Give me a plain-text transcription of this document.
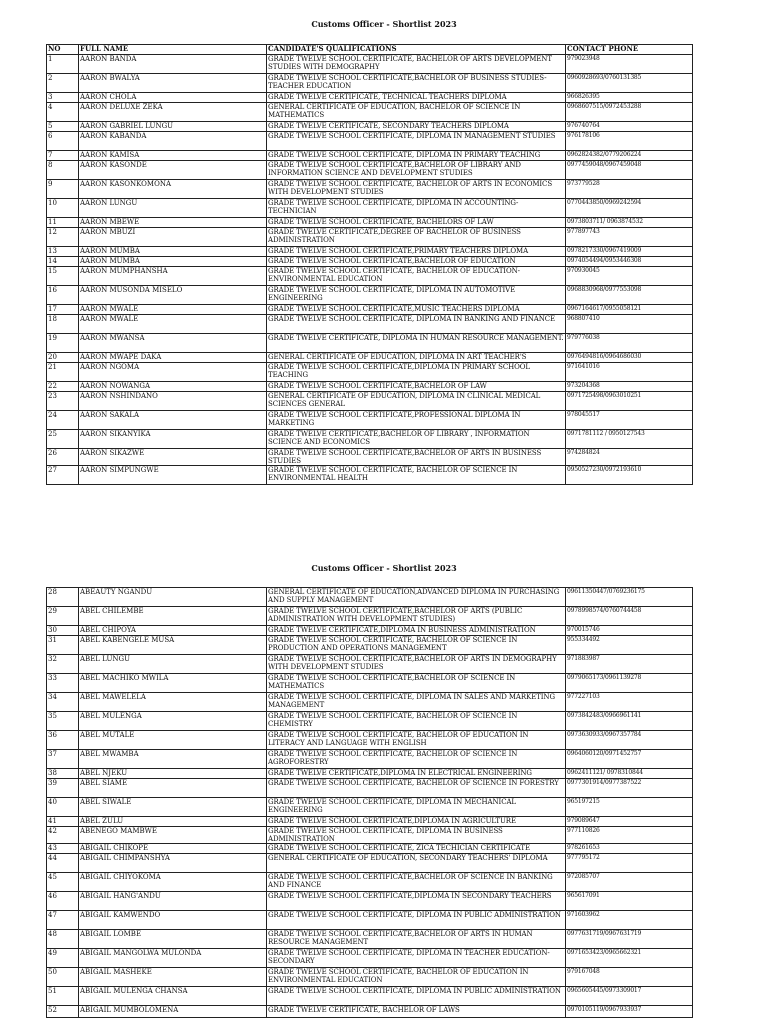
Customs Officer - Shortlist 2023
NO	FULL NAME	CANDIDATE'S QUALIFICATIONS	CONTACT PHONE
1	AARON BANDA	GRADE TWELVE SCHOOL CERTIFICATE, BACHELOR OF ARTS DEVELOPMENT STUDIES WITH DEMOGRAPHY	979023948
2	AARON BWALYA	GRADE TWELVE SCHOOL CERTIFICATE,BACHELOR OF BUSINESS STUDIES-TEACHER EDUCATION	0960928693/0760131385
3	AARON CHOLA	GRADE TWELVE CERTIFICATE, TECHNICAL TEACHERS DIPLOMA	966826395
4	AARON DELUXE ZEKA	GENERAL CERTIFICATE OF EDUCATION, BACHELOR OF SCIENCE IN MATHEMATICS	0968607515/0972453288
5	AARON GABRIEL LUNGU	GRADE TWELVE CERTIFICATE, SECONDARY TEACHERS DIPLOMA	976740764
6	AARON KABANDA	GRADE TWELVE SCHOOL CERTIFICATE, DIPLOMA IN MANAGEMENT STUDIES	976178106
7	AARON KAMISA	GRADE TWELVE SCHOOL CERTIFICATE, DIPLOMA IN PRIMARY TEACHING	0962824382/0779206224
8	AARON KASONDE	GRADE TWELVE SCHOOL CERTIFICATE,BACHELOR OF LIBRARY AND INFORMATION SCIENCE AND DEVELOPMENT STUDIES	0977459048/0967459048
9	AARON KASONKOMONA	GRADE TWELVE SCHOOL CERTIFICATE, BACHELOR OF ARTS IN ECONOMICS WITH DEVELOPMENT STUDIES	973779528
10	AARON LUNGU	GRADE TWELVE SCHOOL CERTIFICATE, DIPLOMA IN ACCOUNTING-TECHNICIAN	0770443850/0969242594
11	AARON MBEWE	GRADE TWELVE SCHOOL CERTIFICATE, BACHELORS OF LAW	0973803711/ 0963874532
12	AARON MBUZI	GRADE TWELVE CERTIFICATE,DEGREE OF BACHELOR OF BUSINESS ADMINISTRATION	977897743
13	AARON MUMBA	GRADE TWELVE SCHOOL CERTIFICATE,PRIMARY TEACHERS DIPLOMA	0978217330/0967419009
14	AARON MUMBA	GRADE TWELVE SCHOOL CERTIFICATE,BACHELOR OF EDUCATION	0974054494/0953446308
15	AARON MUMPHANSHA	GRADE TWELVE SCHOOL CERTIFICATE, BACHELOR OF EDUCATION-ENVIRONMENTAL EDUCATION	970930045
16	AARON MUSONDA MISELO	GRADE TWELVE SCHOOL CERTIFICATE, DIPLOMA IN AUTOMOTIVE ENGINEERING	0968830968/0977553098
17	AARON MWALE	GRADE TWELVE SCHOOL CERTIFICATE,MUSIC TEACHERS DIPLOMA	0967164617/0955058121
18	AARON MWALE	GRADE TWELVE SCHOOL CERTIFICATE, DIPLOMA IN BANKING AND FINANCE	968807410
19	AARON MWANSA	GRADE TWELVE CERTIFICATE, DIPLOMA IN HUMAN RESOURCE MANAGEMENT.	979776038
20	AARON MWAPE DAKA	GENERAL CERTIFICATE OF EDUCATION, DIPLOMA IN ART TEACHER'S	0976494816/0964686030
21	AARON NGOMA	GRADE TWELVE SCHOOL CERTIFICATE,DIPLOMA IN PRIMARY SCHOOL TEACHING	971641016
22	AARON NOWANGA	GRADE TWELVE SCHOOL CERTIFICATE,BACHELOR OF LAW	973204368
23	AARON NSHINDANO	GENERAL CERTIFICATE OF EDUCATION, DIPLOMA IN CLINICAL MEDICAL SCIENCES GENERAL	0971725498/0963010251
24	AARON SAKALA	GRADE TWELVE SCHOOL CERTIFICATE,PROFESSIONAL DIPLOMA IN MARKETING	978045517
25	AARON SIKANYIKA	GRADE TWELVE CERTIFICATE,BACHELOR OF LIBRARY , INFORMATION SCIENCE AND ECONOMICS	0971781112 / 0950127543
26	AARON SIKAZWE	GRADE TWELVE SCHOOL CERTIFICATE,BACHELOR OF ARTS IN BUSINESS STUDIES	974284824
27	AARON SIMPUNGWE	GRADE TWELVE SCHOOL CERTIFICATE, BACHELOR OF SCIENCE IN ENVIRONMENTAL HEALTH	0950527230/0972193610
Customs Officer - Shortlist 2023
28	ABEAUTY NGANDU	GENERAL CERTIFICATE OF EDUCATION,ADVANCED DIPLOMA IN PURCHASING AND SUPPLY MANAGEMENT	09611350447/0769236175
29	ABEL CHILEMBE	GRADE TWELVE SCHOOL CERTIFICATE,BACHELOR OF ARTS (PUBLIC ADMINISTRATION WITH DEVELOPMENT STUDIES)	0978998574/0760744458
30	ABEL CHIPOYA	GRADE TWELVE CERTIFICATE,DIPLOMA IN BUSINESS ADMINISTRATION	970015746
31	ABEL KABENGELE MUSA	GRADE TWELVE SCHOOL CERTIFICATE, BACHELOR OF SCIENCE IN PRODUCTION AND OPERATIONS MANAGEMENT	955334492
32	ABEL LUNGU	GRADE TWELVE SCHOOL CERTIFICATE,BACHELOR OF ARTS IN DEMOGRAPHY WITH DEVELOPMENT STUDIES	971883987
33	ABEL MACHIKO MWILA	GRADE TWELVE SCHOOL CERTIFICATE,BACHELOR OF SCIENCE IN MATHEMATICS	0979065173/0961139278
34	ABEL MAWELELA	GRADE TWELVE SCHOOL CERTIFICATE, DIPLOMA IN SALES AND MARKETING MANAGEMENT	977227103
35	ABEL MULENGA	GRADE TWELVE SCHOOL CERTIFICATE, BACHELOR OF SCIENCE IN CHEMISTRY	0973842483/0966961141
36	ABEL MUTALE	GRADE TWELVE SCHOOL CERTIFICATE, BACHELOR OF EDUCATION IN LITERACY AND LANGUAGE WITH ENGLISH	0973630933/0967357784
37	ABEL MWAMBA	GRADE TWELVE SCHOOL CERTIFICATE, BACHELOR OF SCIENCE IN AGROFORESTRY	0964060120/0971452757
38	ABEL NJEKU	GRADE TWELVE CERTIFICATE,DIPLOMA IN ELECTRICAL ENGINEERING	0962411121/ 0978310844
39	ABEL SIAME	GRADE TWELVE SCHOOL CERTIFICATE, BACHELOR OF SCIENCE IN FORESTRY	0977301914/0977387522
40	ABEL SIWALE	GRADE TWELVE SCHOOL CERTIFICATE, DIPLOMA IN MECHANICAL ENGINEERING	965197215
41	ABEL ZULU	GRADE TWELVE SCHOOL CERTIFICATE,DIPLOMA IN AGRICULTURE	979089647
42	ABENEGO MAMBWE	GRADE TWELVE SCHOOL CERTIFICATE, DIPLOMA IN BUSINESS ADMINISTRATION	977110826
43	ABIGAIL CHIKOPE	GRADE TWELVE SCHOOL CERTIFICATE, ZICA TECHICIAN CERTIFICATE	978261653
44	ABIGAIL CHIMPANSHYA	GENERAL CERTIFICATE OF EDUCATION, SECONDARY TEACHERS' DIPLOMA	977795172
45	ABIGAIL CHIYOKOMA	GRADE TWELVE SCHOOL CERTIFICATE,BACHELOR OF SCIENCE IN BANKING AND FINANCE	972085707
46	ABIGAIL HANG'ANDU	GRADE TWELVE SCHOOL CERTIFICATE,DIPLOMA IN SECONDARY TEACHERS	965617091
47	ABIGAIL KAMWENDO	GRADE TWELVE SCHOOL CERTIFICATE, DIPLOMA IN PUBLIC ADMINISTRATION	971603962
48	ABIGAIL LOMBE	GRADE TWELVE SCHOOL CERTIFICATE,BACHELOR OF ARTS IN HUMAN RESOURCE MANAGEMENT	0977631719/0967631719
49	ABIGAIL MANGOLWA MULONDA	GRADE TWELVE SCHOOL CERTIFICATE, DIPLOMA IN TEACHER EDUCATION-SECONDARY	0971653423/0965662321
50	ABIGAIL MASHEKE	GRADE TWELVE SCHOOL CERTIFICATE, BACHELOR OF EDUCATION IN ENVIRONMENTAL EDUCATION	979167048
51	ABIGAIL MULENGA CHANSA	GRADE TWELVE SCHOOL CERTIFICATE, DIPLOMA IN PUBLIC ADMINISTRATION	0965605445/0973309017
52	ABIGAIL MUMBOLOMENA	GRADE TWELVE CERTIFICATE, BACHELOR OF LAWS	0970105119/0967933937
